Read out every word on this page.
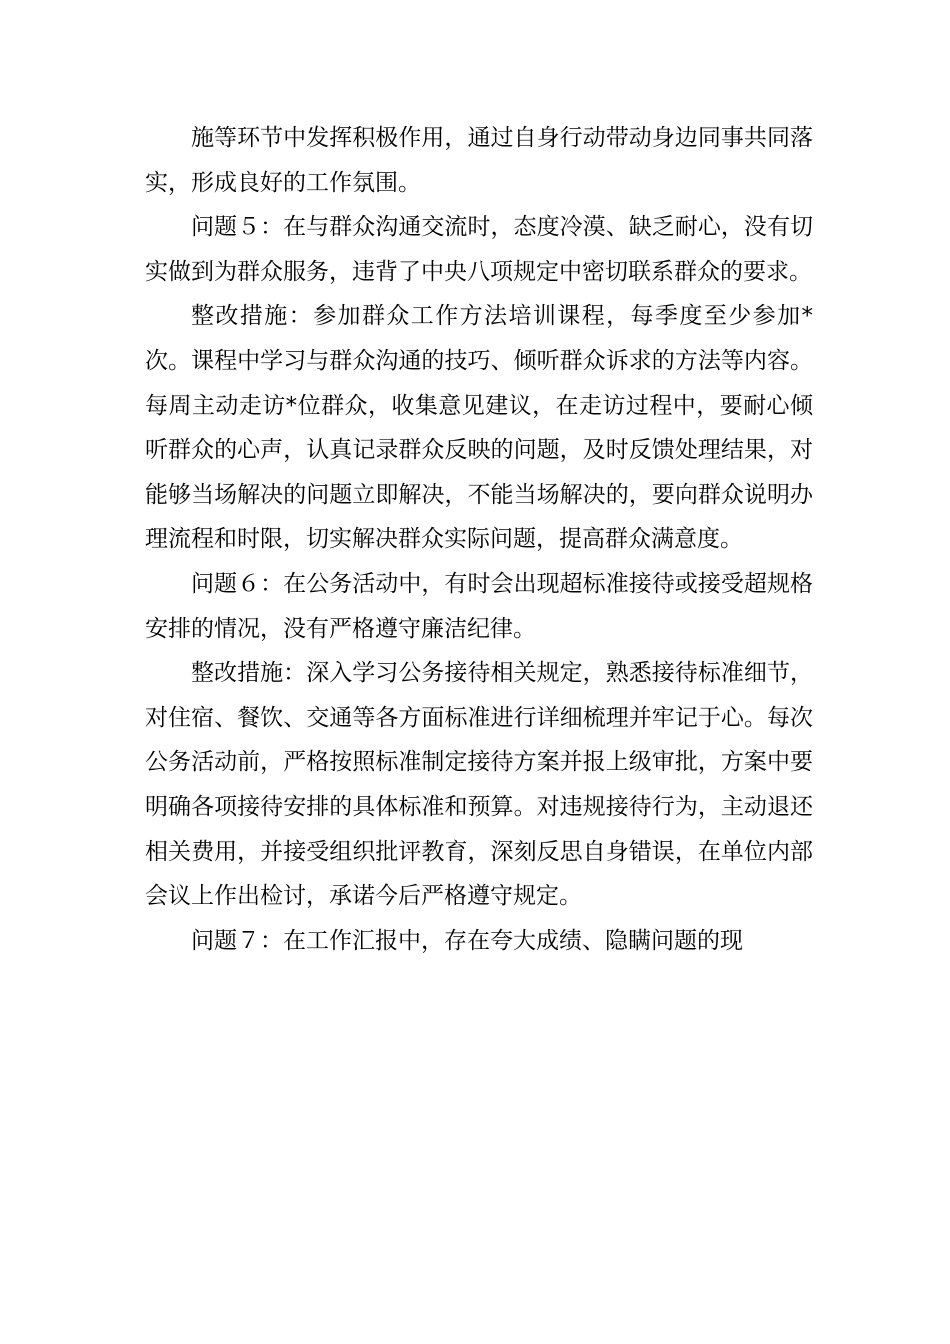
施等环节中发挥积极作用，通过自身行动带动身边同事共同落实，形成良好的工作氛围。

问题５：在与群众沟通交流时，态度冷漠、缺乏耐心，没有切实做到为群众服务，违背了中央八项规定中密切联系群众的要求。

整改措施：参加群众工作方法培训课程，每季度至少参加*次。课程中学习与群众沟通的技巧、倾听群众诉求的方法等内容。每周主动走访*位群众，收集意见建议，在走访过程中，要耐心倾听群众的心声，认真记录群众反映的问题，及时反馈处理结果，对能够当场解决的问题立即解决，不能当场解决的，要向群众说明办理流程和时限，切实解决群众实际问题，提高群众满意度。

问题６：在公务活动中，有时会出现超标准接待或接受超规格安排的情况，没有严格遵守廉洁纪律。

整改措施：深入学习公务接待相关规定，熟悉接待标准细节，对住宿、餐饮、交通等各方面标准进行详细梳理并牢记于心。每次公务活动前，严格按照标准制定接待方案并报上级审批，方案中要明确各项接待安排的具体标准和预算。对违规接待行为，主动退还相关费用，并接受组织批评教育，深刻反思自身错误，在单位内部会议上作出检讨，承诺今后严格遵守规定。

问题７：在工作汇报中，存在夸大成绩、隐瞒问题的现
